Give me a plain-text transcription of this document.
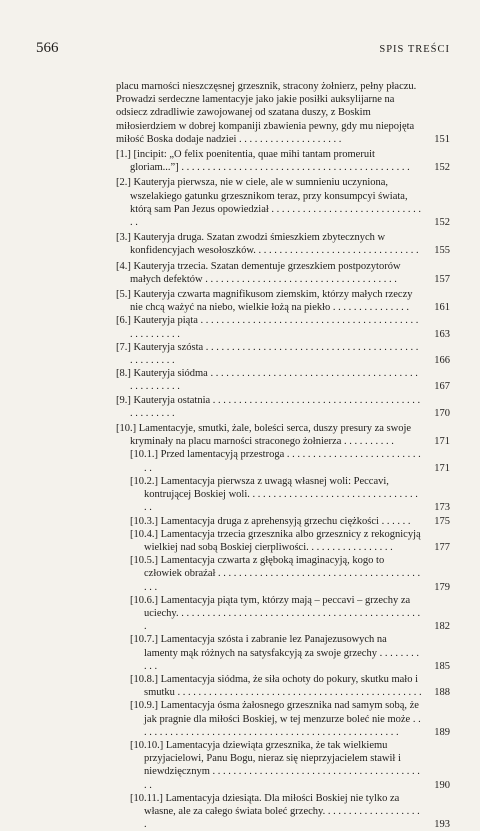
566	SPIS TREŚCI
placu marności nieszczęsnej grzesznik, stracony żołnierz, pełny płaczu. Prowadzi serdeczne lamentacyje jako jakie posiłki auksylijarne na odsiecz zdradliwie zawojowanej od szatana duszy, z Boskim miłosierdziem w dobrej kompaniji zbawienia pewny, gdy mu niepojęta miłość Boska dodaje nadziei . . . . . . . . . . . . . . . . . . . .	151
[1.] [incipit: „O felix poenitentia, quae mihi tantam promeruit gloriam...”] . . . . . . . . . . . . . . . . . . . . . . . . . . . . . . . . . . . . . . . . . . . .	152
[2.] Kauteryja pierwsza, nie w ciele, ale w sumnieniu uczyniona, wszelakiego gatunku grzesznikom teraz, przy konsumpcyi świata, którą sam Pan Jezus opowiedział . . . . . . . . . . . . . . . . . . . . . . . . . . . . . . .	152
[3.] Kauteryja druga. Szatan zwodzi śmieszkiem zbytecznych w konfidencyjach wesołoszków. . . . . . . . . . . . . . . . . . . . . . . . . . . . . . . .	155
[4.] Kauteryja trzecia. Szatan dementuje grzeszkiem postpozytorów małych defektów . . . . . . . . . . . . . . . . . . . . . . . . . . . . . . . . . . . . .	157
[5.] Kauteryja czwarta magnifikusom ziemskim, którzy małych rzeczy nie chcą ważyć na niebo, wielkie łożą na piekło . . . . . . . . . . . . . . .	161
[6.] Kauteryja piąta . . . . . . . . . . . . . . . . . . . . . . . . . . . . . . . . . . . . . . . . . . . . . . . . . . . .	163
[7.] Kauteryja szósta . . . . . . . . . . . . . . . . . . . . . . . . . . . . . . . . . . . . . . . . . . . . . . . . . .	166
[8.] Kauteryja siódma . . . . . . . . . . . . . . . . . . . . . . . . . . . . . . . . . . . . . . . . . . . . . . . . . .	167
[9.] Kauteryja ostatnia . . . . . . . . . . . . . . . . . . . . . . . . . . . . . . . . . . . . . . . . . . . . . . . . .	170
[10.] Lamentacyje, smutki, żale, boleści serca, duszy presury za swoje kryminały na placu marności straconego żołnierza . . . . . . . . . .	171
[10.1.] Przed lamentacyją przestroga . . . . . . . . . . . . . . . . . . . . . . . . . . . .	171
[10.2.] Lamentacyja pierwsza z uwagą własnej woli: Peccavi, kontrującej Boskiej woli. . . . . . . . . . . . . . . . . . . . . . . . . . . . . . . . . . .	173
[10.3.] Lamentacyja druga z aprehensyją grzechu ciężkości . . . . . .	175
[10.4.] Lamentacyja trzecia grzesznika albo grzesznicy z rekognicyją wielkiej nad sobą Boskiej cierpliwości. . . . . . . . . . . . . . . . .	177
[10.5.] Lamentacyja czwarta z głęboką imaginacyją, kogo to człowiek obraźał . . . . . . . . . . . . . . . . . . . . . . . . . . . . . . . . . . . . . . . . . .	179
[10.6.] Lamentacyja piąta tym, którzy mają – peccavi – grzechy za uciechy. . . . . . . . . . . . . . . . . . . . . . . . . . . . . . . . . . . . . . . . . . . . . . . .	182
[10.7.] Lamentacyja szósta i zabranie lez Panajezusowych na lamenty mąk różnych na satysfakcyją za swoje grzechy . . . . . . . . . . .	185
[10.8.] Lamentacyja siódma, że siła ochoty do pokury, skutku mało i smutku . . . . . . . . . . . . . . . . . . . . . . . . . . . . . . . . . . . . . . . . . . . . . . .	188
[10.9.] Lamentacyja ósma żałosnego grzesznika nad samym sobą, że jak pragnie dla miłości Boskiej, w tej menzurze boleć nie może . . . . . . . . . . . . . . . . . . . . . . . . . . . . . . . . . . . . . . . . . . . . . . . . . . .	189
[10.10.] Lamentacyja dziewiąta grzesznika, że tak wielkiemu przyjacielowi, Panu Bogu, nieraz się nieprzyjacielem stawił i niewdzięcznym . . . . . . . . . . . . . . . . . . . . . . . . . . . . . . . . . . . . . . . . . .	190
[10.11.] Lamentacyja dziesiąta. Dla miłości Boskiej nie tylko za własne, ale za całego świata boleć grzechy. . . . . . . . . . . . . . . . . . . .	193
